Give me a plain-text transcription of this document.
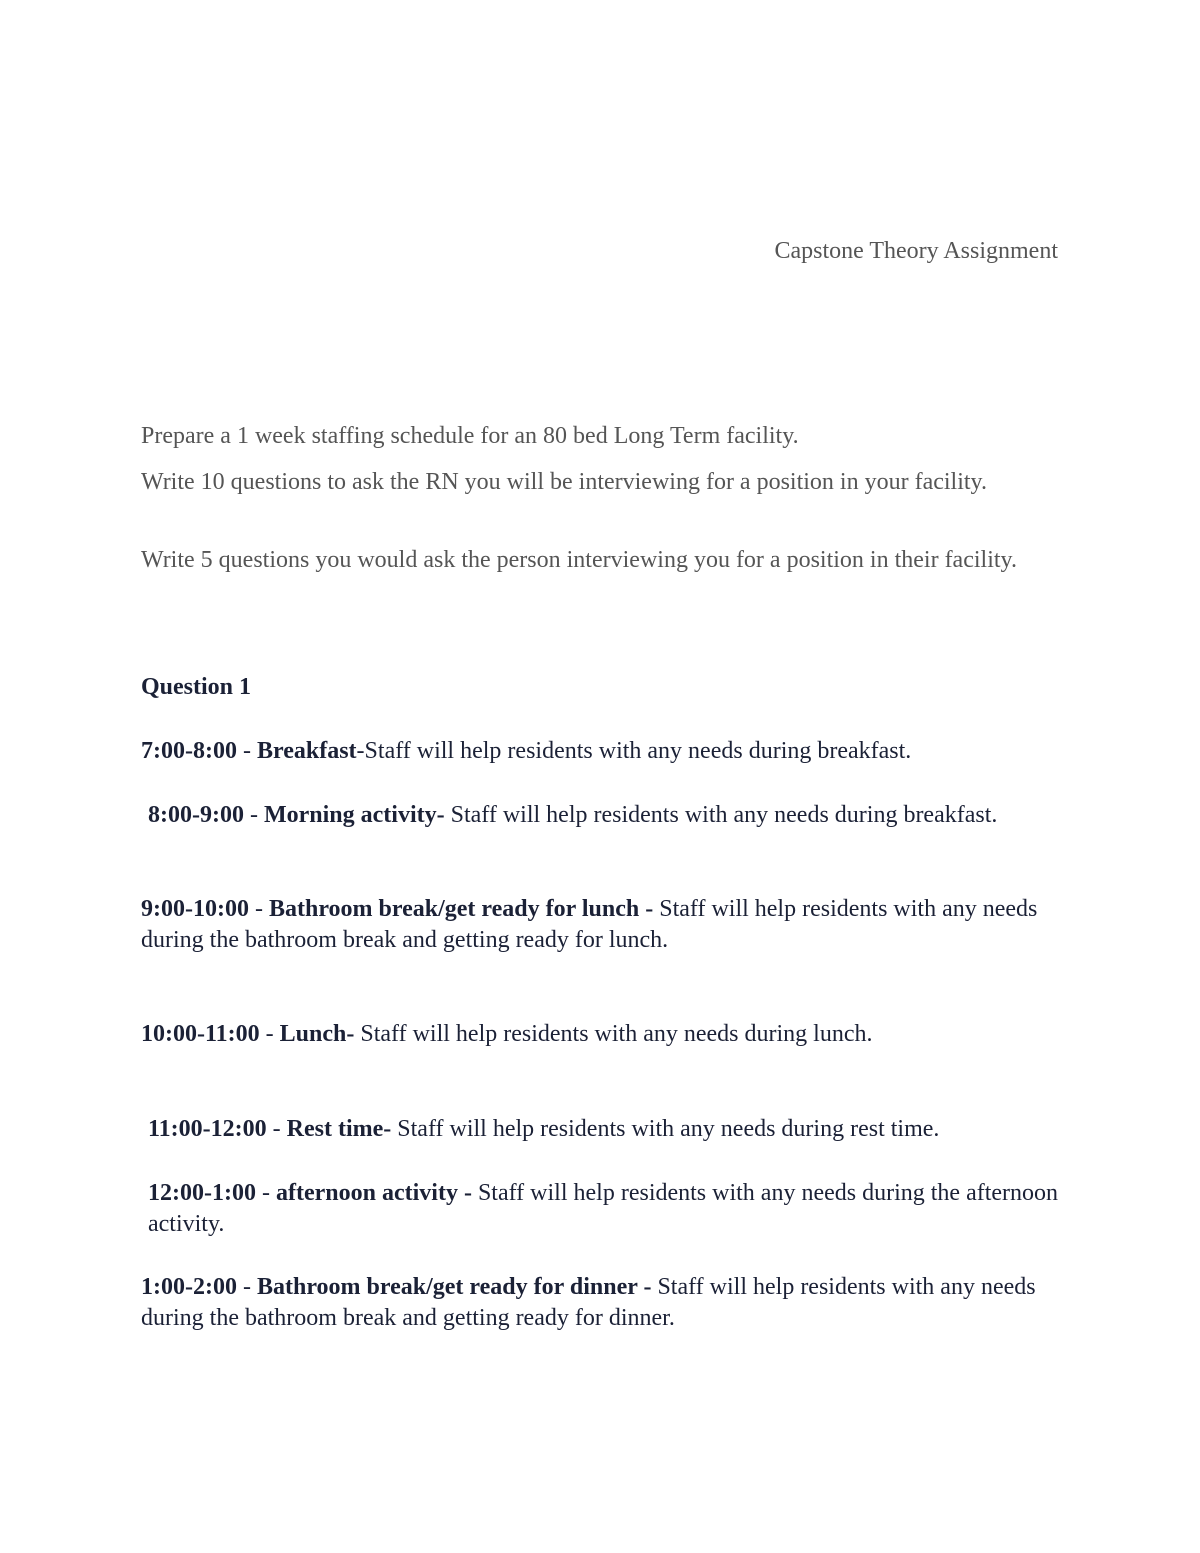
Capstone Theory Assignment

Prepare a 1 week staffing schedule for an 80 bed Long Term facility.

Write 10 questions to ask the RN you will be interviewing for a position in your facility.

Write 5 questions you would ask the person interviewing you for a position in their facility.

Question 1

7:00-8:00 - Breakfast-Staff will help residents with any needs during breakfast.

8:00-9:00 - Morning activity- Staff will help residents with any needs during breakfast.

9:00-10:00 - Bathroom break/get ready for lunch - Staff will help residents with any needs during the bathroom break and getting ready for lunch.

10:00-11:00 - Lunch- Staff will help residents with any needs during lunch.

11:00-12:00 - Rest time- Staff will help residents with any needs during rest time.

12:00-1:00 - afternoon activity - Staff will help residents with any needs during the afternoon activity.

1:00-2:00 - Bathroom break/get ready for dinner - Staff will help residents with any needs during the bathroom break and getting ready for dinner.
